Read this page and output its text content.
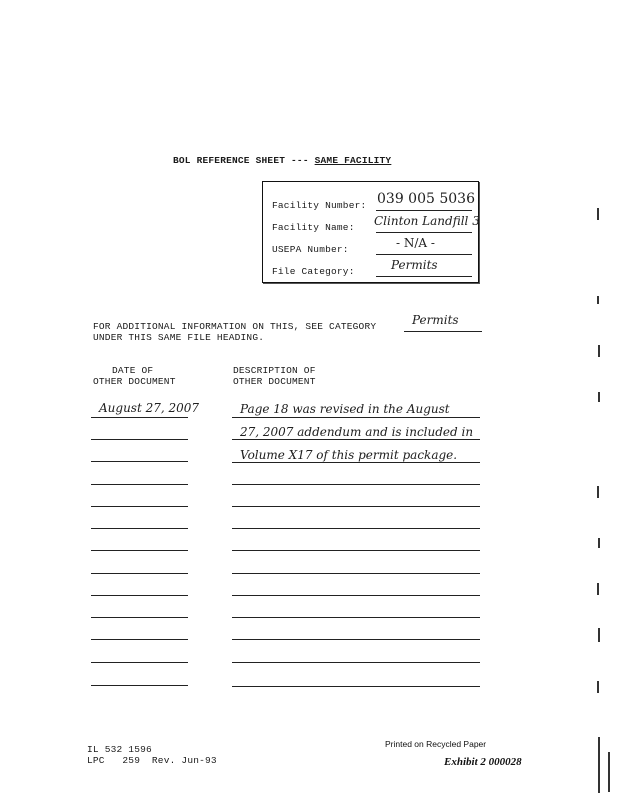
BOL REFERENCE SHEET --- SAME FACILITY
Facility Number: 039 005 5036
Facility Name: Clinton Landfill 3
USEPA Number:	- N/A -
File Category:	Permits
FOR ADDITIONAL INFORMATION ON THIS, SEE CATEGORY	Permits
UNDER THIS SAME FILE HEADING.
DATE OF
OTHER DOCUMENT
DESCRIPTION OF
OTHER DOCUMENT
August 27, 2007	Page 18 was revised in the August
27, 2007 addendum and is included in
Volume X17 of this permit package.
IL 532 1596
LPC   259  Rev. Jun-93
Printed on Recycled Paper
Exhibit 2 000028
